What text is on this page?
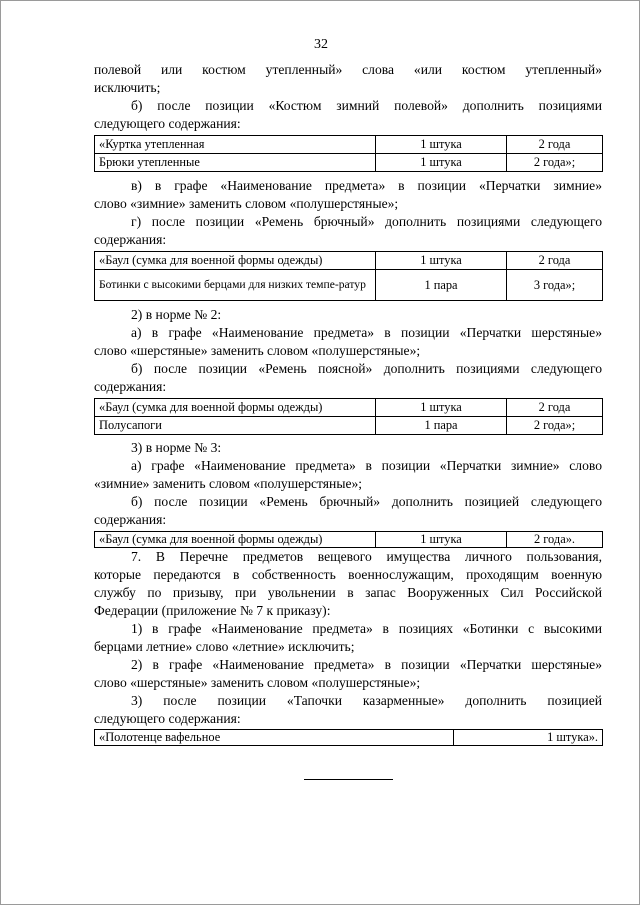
32
полевой или костюм утепленный» слова «или костюм утепленный»
исключить;
б) после позиции «Костюм зимний полевой» дополнить позициями
следующего содержания:
«Куртка утепленная	1 штука	2 года
Брюки утепленные	1 штука	2 года»;
в) в графе «Наименование предмета» в позиции «Перчатки зимние»
слово «зимние» заменить словом «полушерстяные»;
г) после позиции «Ремень брючный» дополнить позициями следующего
содержания:
«Баул (сумка для военной формы одежды)	1 штука	2 года
Ботинки с высокими берцами для низких темпе-ратур	1 пара	3 года»;
2) в норме № 2:
а) в графе «Наименование предмета» в позиции «Перчатки шерстяные»
слово «шерстяные» заменить словом «полушерстяные»;
б) после позиции «Ремень поясной» дополнить позициями следующего
содержания:
«Баул (сумка для военной формы одежды)	1 штука	2 года
Полусапоги	1 пара	2 года»;
3) в норме № 3:
а) графе «Наименование предмета» в позиции «Перчатки зимние» слово
«зимние» заменить словом «полушерстяные»;
б) после позиции «Ремень брючный» дополнить позицией следующего
содержания:
«Баул (сумка для военной формы одежды)	1 штука	2 года».
7. В Перечне предметов вещевого имущества личного пользования,
которые передаются в собственность военнослужащим, проходящим военную
службу по призыву, при увольнении в запас Вооруженных Сил Российской
Федерации (приложение № 7 к приказу):
1) в графе «Наименование предмета» в позициях «Ботинки с высокими
берцами летние» слово «летние» исключить;
2) в графе «Наименование предмета» в позиции «Перчатки шерстяные»
слово «шерстяные» заменить словом «полушерстяные»;
3) после позиции «Тапочки казарменные» дополнить позицией
следующего содержания:
«Полотенце вафельное	1 штука».
